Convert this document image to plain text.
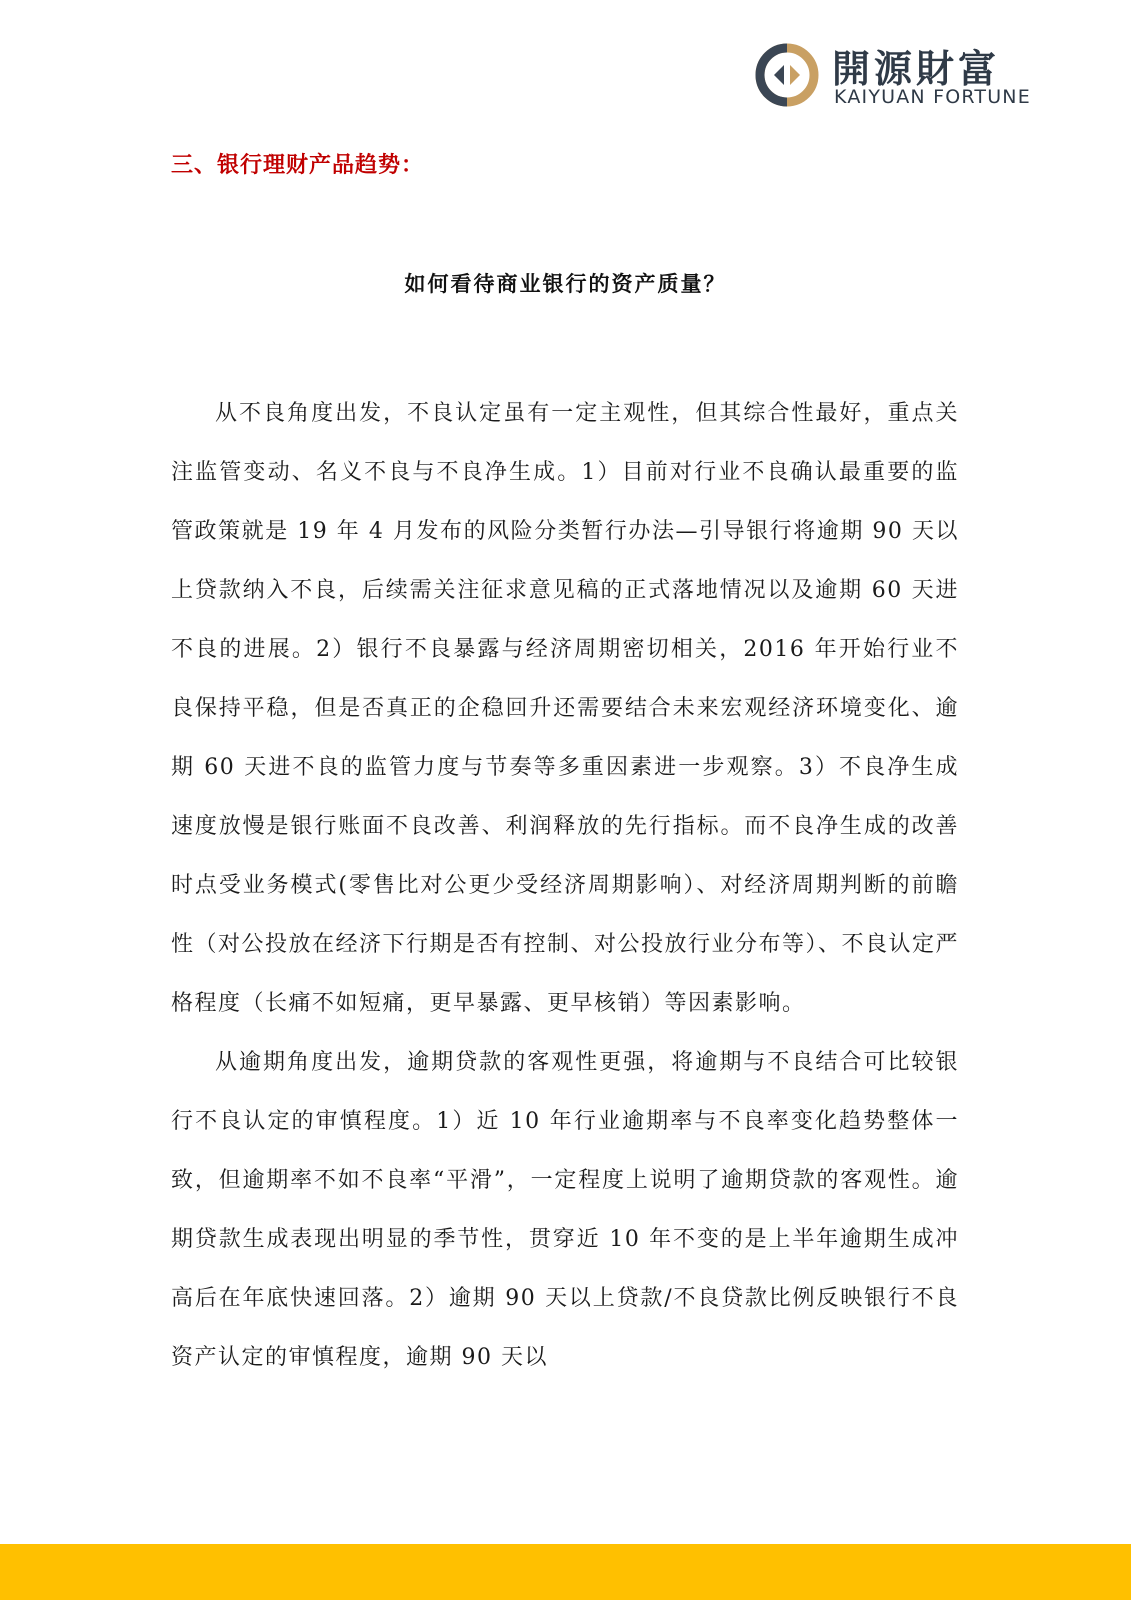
開源財富
KAIYUAN FORTUNE
三、银行理财产品趋势：
如何看待商业银行的资产质量？

从不良角度出发，不良认定虽有一定主观性，但其综合性最好，重点关注监管变动、名义不良与不良净生成。1）目前对行业不良确认最重要的监管政策就是 19 年 4 月发布的风险分类暂行办法—引导银行将逾期 90 天以上贷款纳入不良，后续需关注征求意见稿的正式落地情况以及逾期 60 天进不良的进展。2）银行不良暴露与经济周期密切相关，2016 年开始行业不良保持平稳，但是否真正的企稳回升还需要结合未来宏观经济环境变化、逾期 60 天进不良的监管力度与节奏等多重因素进一步观察。3）不良净生成速度放慢是银行账面不良改善、利润释放的先行指标。而不良净生成的改善时点受业务模式(零售比对公更少受经济周期影响）、对经济周期判断的前瞻性（对公投放在经济下行期是否有控制、对公投放行业分布等）、不良认定严格程度（长痛不如短痛，更早暴露、更早核销）等因素影响。

从逾期角度出发，逾期贷款的客观性更强，将逾期与不良结合可比较银行不良认定的审慎程度。1）近 10 年行业逾期率与不良率变化趋势整体一致，但逾期率不如不良率“平滑”，一定程度上说明了逾期贷款的客观性。逾期贷款生成表现出明显的季节性，贯穿近 10 年不变的是上半年逾期生成冲高后在年底快速回落。2）逾期 90 天以上贷款/不良贷款比例反映银行不良资产认定的审慎程度，逾期 90 天以
